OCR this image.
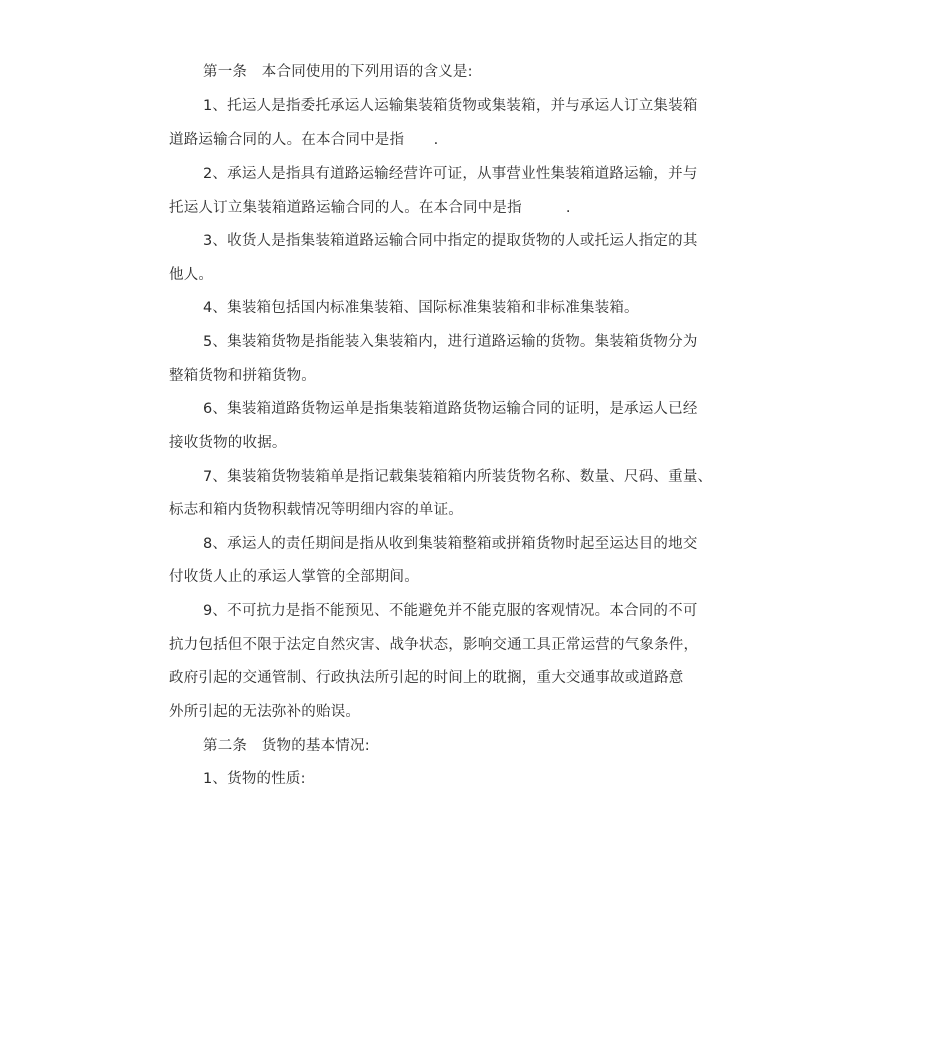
第一条　本合同使用的下列用语的含义是:
1、托运人是指委托承运人运输集装箱货物或集装箱，并与承运人订立集装箱
道路运输合同的人。在本合同中是指　　.
2、承运人是指具有道路运输经营许可证，从事营业性集装箱道路运输，并与
托运人订立集装箱道路运输合同的人。在本合同中是指　　　.
3、收货人是指集装箱道路运输合同中指定的提取货物的人或托运人指定的其
他人。
4、集装箱包括国内标准集装箱、国际标准集装箱和非标准集装箱。
5、集装箱货物是指能装入集装箱内，进行道路运输的货物。集装箱货物分为
整箱货物和拼箱货物。
6、集装箱道路货物运单是指集装箱道路货物运输合同的证明，是承运人已经
接收货物的收据。
7、集装箱货物装箱单是指记载集装箱箱内所装货物名称、数量、尺码、重量、
标志和箱内货物积载情况等明细内容的单证。
8、承运人的责任期间是指从收到集装箱整箱或拼箱货物时起至运达目的地交
付收货人止的承运人掌管的全部期间。
9、不可抗力是指不能预见、不能避免并不能克服的客观情况。本合同的不可
抗力包括但不限于法定自然灾害、战争状态，影响交通工具正常运营的气象条件，
政府引起的交通管制、行政执法所引起的时间上的耽搁，重大交通事故或道路意
外所引起的无法弥补的贻误。
第二条　货物的基本情况:
1、货物的性质:
